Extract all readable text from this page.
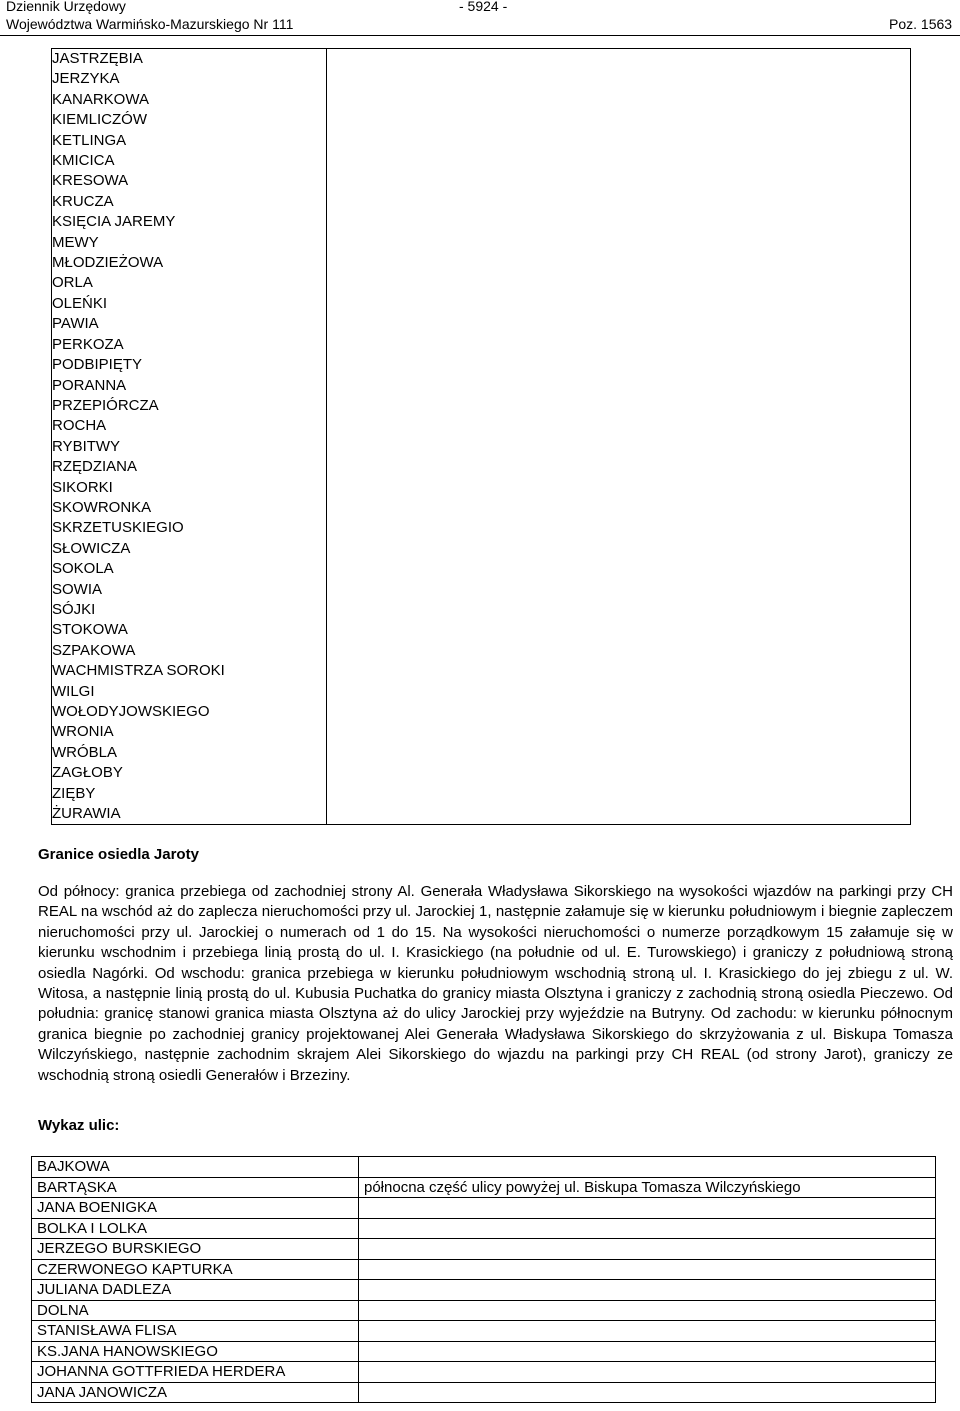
Dziennik Urzędowy
Województwa Warmińsko-Mazurskiego Nr 111
- 5924 -
Poz. 1563
JASTRZĘBIA
JERZYKA
KANARKOWA
KIEMLICZÓW
KETLINGA
KMICICA
KRESOWA
KRUCZA
KSIĘCIA JAREMY
MEWY
MŁODZIEŻOWA
ORLA
OLEŃKI
PAWIA
PERKOZA
PODBIPIĘTY
PORANNA
PRZEPIÓRCZA
ROCHA
RYBITWY
RZĘDZIANA
SIKORKI
SKOWRONKA
SKRZETUSKIEGIO
SŁOWICZA
SOKOLA
SOWIA
SÓJKI
STOKOWA
SZPAKOWA
WACHMISTRZA SOROKI
WILGI
WOŁODYJOWSKIEGO
WRONIA
WRÓBLA
ZAGŁOBY
ZIĘBY
ŻURAWIA

Granice osiedla Jaroty
Od północy: granica przebiega od zachodniej strony Al. Generała Władysława Sikorskiego na wysokości wjazdów na parkingi przy CH REAL na wschód aż do zaplecza nieruchomości przy ul. Jarockiej 1, następnie załamuje się w kierunku południowym i biegnie zapleczem nieruchomości przy ul. Jarockiej o numerach od 1 do 15. Na wysokości nieruchomości o numerze porządkowym 15 załamuje się w kierunku wschodnim i przebiega linią prostą do ul. I. Krasickiego (na południe od ul. E. Turowskiego) i graniczy z południową stroną osiedla Nagórki. Od wschodu: granica przebiega w kierunku południowym wschodnią stroną ul. I. Krasickiego do jej zbiegu z ul. W. Witosa, a następnie linią prostą do ul. Kubusia Puchatka do granicy miasta Olsztyna i graniczy z zachodnią stroną osiedla Pieczewo. Od południa: granicę stanowi granica miasta Olsztyna aż do ulicy Jarockiej przy wyjeździe na Butryny. Od zachodu: w kierunku północnym granica biegnie po zachodniej granicy projektowanej Alei Generała Władysława Sikorskiego do skrzyżowania z ul. Biskupa Tomasza Wilczyńskiego, następnie zachodnim skrajem Alei Sikorskiego do wjazdu na parkingi przy CH REAL (od strony Jarot), graniczy ze wschodnią stroną osiedli Generałów i Brzeziny.
Wykaz ulic:
BAJKOWA	
BARTĄSKA	północna część ulicy powyżej ul. Biskupa Tomasza Wilczyńskiego
JANA BOENIGKA	
BOLKA I LOLKA	
JERZEGO BURSKIEGO	
CZERWONEGO KAPTURKA	
JULIANA DADLEZA	
DOLNA	
STANISŁAWA FLISA	
KS.JANA HANOWSKIEGO	
JOHANNA GOTTFRIEDA HERDERA	
JANA JANOWICZA	
